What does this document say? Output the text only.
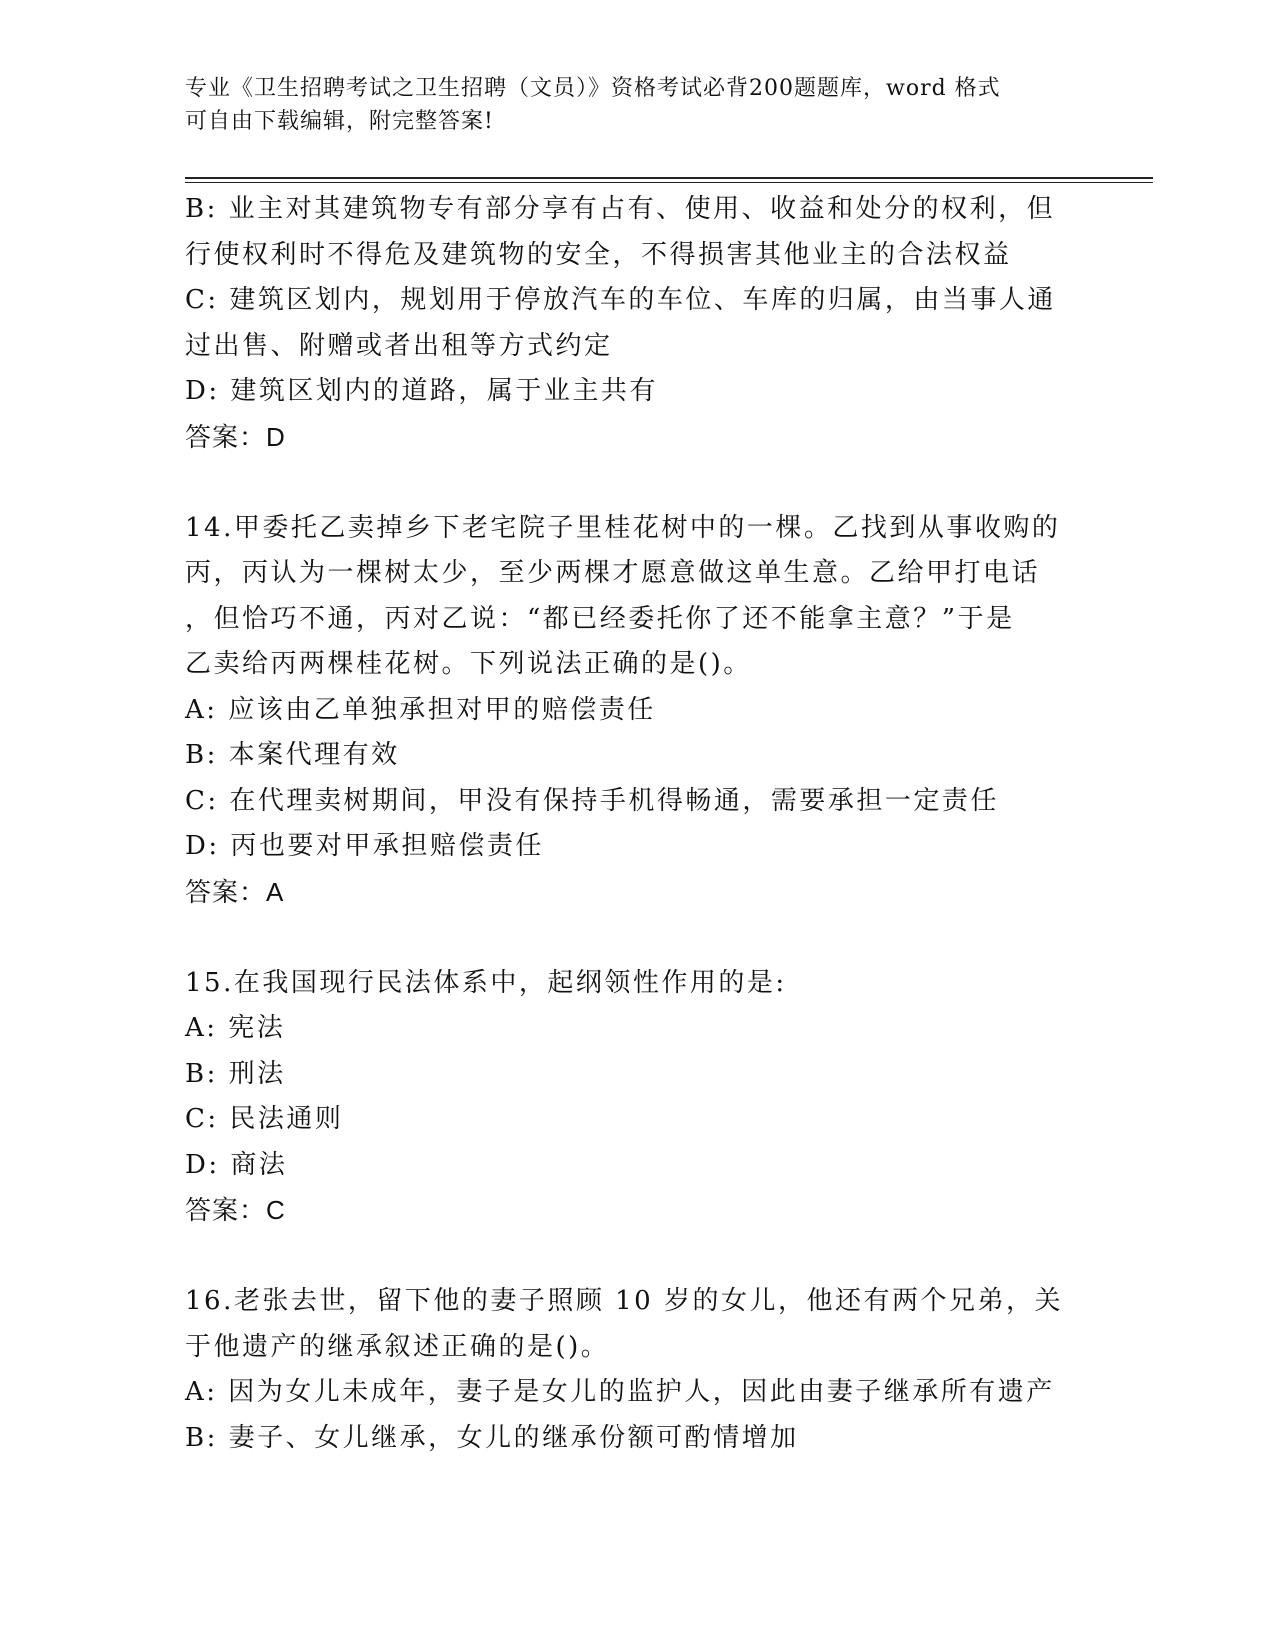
专业《卫生招聘考试之卫生招聘（文员）》资格考试必背200题题库，word 格式
可自由下载编辑，附完整答案!
B: 业主对其建筑物专有部分享有占有、使用、收益和处分的权利，但
行使权利时不得危及建筑物的安全，不得损害其他业主的合法权益
C: 建筑区划内，规划用于停放汽车的车位、车库的归属，由当事人通
过出售、附赠或者出租等方式约定
D: 建筑区划内的道路，属于业主共有
答案：D
14.甲委托乙卖掉乡下老宅院子里桂花树中的一棵。乙找到从事收购的
丙，丙认为一棵树太少，至少两棵才愿意做这单生意。乙给甲打电话
，但恰巧不通，丙对乙说：“都已经委托你了还不能拿主意？”于是
乙卖给丙两棵桂花树。下列说法正确的是()。
A: 应该由乙单独承担对甲的赔偿责任
B: 本案代理有效
C: 在代理卖树期间，甲没有保持手机得畅通，需要承担一定责任
D: 丙也要对甲承担赔偿责任
答案：A
15.在我国现行民法体系中，起纲领性作用的是:
A: 宪法
B: 刑法
C: 民法通则
D: 商法
答案：C
16.老张去世，留下他的妻子照顾 10 岁的女儿，他还有两个兄弟，关
于他遗产的继承叙述正确的是()。
A: 因为女儿未成年，妻子是女儿的监护人，因此由妻子继承所有遗产
B: 妻子、女儿继承，女儿的继承份额可酌情增加
